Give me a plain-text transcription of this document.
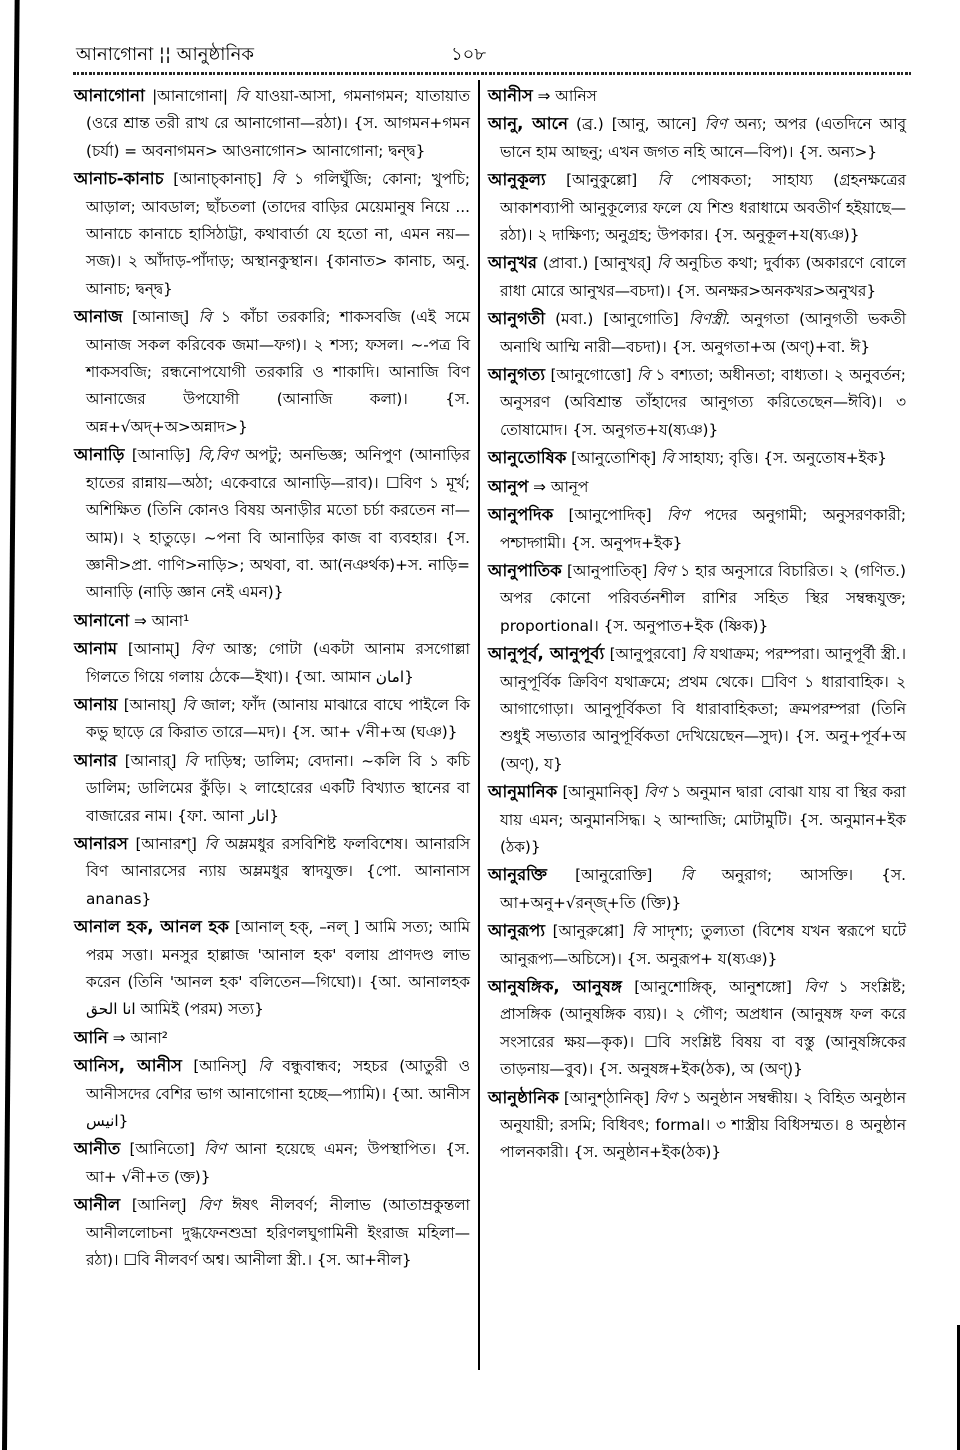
আনাগোনা ¦¦ আনুষ্ঠানিক	১০৮

আনাগোনা |আনাগোনা| বি যাওয়া-আসা, গমনাগমন; যাতায়াত (ওরে শ্রান্ত তরী রাখ রে আনাগোনা—রঠা)। {স. আগমন+গমন (চর্যা) = অবনাগমন> আওনাগোন> আনাগোনা; দ্বন্দ্ব}

আনাচ-কানাচ [আনাচ্কানাচ্] বি ১ গলিঘুঁজি; কোনা; খুপচি; আড়াল; আবডাল; ছাঁচতলা (তাদের বাড়ির মেয়েমানুষ নিয়ে ... আনাচে কানাচে হাসিঠাট্টা, কথাবার্তা যে হতো না, এমন নয়—সজ)। ২ আঁদাড়-পাঁদাড়; অস্থানকুস্থান। {কানাত> কানাচ, অনু. আনাচ; দ্বন্দ্ব}

আনাজ [আনাজ্] বি ১ কাঁচা তরকারি; শাকসবজি (এই সমে আনাজ সকল করিবেক জমা—ফগ)। ২ শস্য; ফসল। ~-পত্র বি শাকসবজি; রন্ধনোপযোগী তরকারি ও শাকাদি। আনাজি বিণ আনাজের উপযোগী (আনাজি কলা)। {স. অন্ন+√অদ্+অ>অন্নাদ>}

আনাড়ি [আনাড়ি] বি,বিণ অপটু; অনভিজ্ঞ; অনিপুণ (আনাড়ির হাতের রান্নায়—অঠা; একেবারে আনাড়ি—রাব)। ☐বিণ ১ মূর্খ; অশিক্ষিত (তিনি কোনও বিষয় অনাড়ীর মতো চর্চা করতেন না—আম)। ২ হাতুড়ে। ~পনা বি আনাড়ির কাজ বা ব্যবহার। {স. জ্ঞানী>প্রা. ণাণি>নাড়ি>; অথবা, বা. আ(নঞর্থক)+স. নাড়ি= আনাড়ি (নাড়ি জ্ঞান নেই এমন)}

আনানো ⇒ আনা¹

আনাম [আনাম্] বিণ আস্ত; গোটা (একটা আনাম রসগোল্লা গিলতে গিয়ে গলায় ঠেকে—ইখা)। {আ. আমান امان}

আনায় [আনায়্] বি জাল; ফাঁদ (আনায় মাঝারে বাঘে পাইলে কি কভু ছাড়ে রে কিরাত তারে—মদ)। {স. আ+ √নী+অ (ঘঞ)}

আনার [আনার্] বি দাড়িম্ব; ডালিম; বেদানা। ~কলি বি ১ কচি ডালিম; ডালিমের কুঁড়ি। ২ লাহোরের একটি বিখ্যাত স্থানের বা বাজারের নাম। {ফা. আনা انار}

আনারস [আনারশ্] বি অম্লমধুর রসবিশিষ্ট ফলবিশেষ। আনারসি বিণ আনারসের ন্যায় অম্লমধুর স্বাদযুক্ত। {পো. আনানাস ananas}

আনাল হক, আনল হক [আনাল্ হক্, –নল্ ] আমি সত্য; আমি পরম সত্তা। মনসুর হাল্লাজ 'আনাল হক' বলায় প্রাণদণ্ড লাভ করেন (তিনি 'আনল হক' বলিতেন—গিঘো)। {আ. আনালহক انا الحق আমিই (পরম) সত্য}

আনি ⇒ আনা²

আনিস, আনীস [আনিস্] বি বন্ধুবান্ধব; সহচর (আতুরী ও আনীসদের বেশির ভাগ আনাগোনা হচ্ছে—প্যামি)। {আ. আনীস انيس}

আনীত [আনিতো] বিণ আনা হয়েছে এমন; উপস্থাপিত। {স. আ+ √নী+ত (ক্ত)}

আনীল [আনিল্] বিণ ঈষৎ নীলবর্ণ; নীলাভ (আতাম্রকুন্তলা আনীললোচনা দুগ্ধফেনশুভ্রা হরিণলঘুগামিনী ইংরাজ মহিলা—রঠা)। ☐বি নীলবর্ণ অশ্ব। আনীলা স্ত্রী.। {স. আ+নীল}

আনীস ⇒ আনিস

আনু, আনে (ব্র.) [আনু, আনে] বিণ অন্য; অপর (এতদিনে আবু ভানে হাম আছনু; এখন জগত নহি আনে—বিপ)। {স. অন্য>}

আনুকূল্য [আনুকুল্লো] বি পোষকতা; সাহায্য (গ্রহনক্ষত্রের আকাশব্যাপী আনুকূল্যের ফলে যে শিশু ধরাধামে অবতীর্ণ হইয়াছে—রঠা)। ২ দাক্ষিণ্য; অনুগ্রহ; উপকার। {স. অনুকূল+য(ষ্যঞ)}

আনুখর (প্রাবা.) [আনুখর্] বি অনুচিত কথা; দুর্বাক্য (অকারণে বোলে রাধা মোরে আনুখর—বচদা)। {স. অনক্ষর>অনকখর>অনুখর}

আনুগতী (মবা.) [আনুগোতি] বিণস্ত্রী. অনুগতা (আনুগতী ভকতী অনাথি আম্মি নারী—বচদা)। {স. অনুগতা+অ (অণ্)+বা. ঈ}

আনুগত্য [আনুগোত্তো] বি ১ বশ্যতা; অধীনতা; বাধ্যতা। ২ অনুবর্তন; অনুসরণ (অবিশ্রান্ত তাঁহাদের আনুগত্য করিতেছেন—ঈবি)। ৩ তোষামোদ। {স. অনুগত+য(ষ্যঞ)}

আনুতোষিক [আনুতোশিক্] বি সাহায্য; বৃত্তি। {স. অনুতোষ+ইক}

আনুপ ⇒ আনূপ

আনুপদিক [আনুপোদিক্] বিণ পদের অনুগামী; অনুসরণকারী; পশ্চাদ্গামী। {স. অনুপদ+ইক}

আনুপাতিক [আনুপাতিক্] বিণ ১ হার অনুসারে বিচারিত। ২ (গণিত.) অপর কোনো পরিবর্তনশীল রাশির সহিত স্থির সম্বন্ধযুক্ত; proportional। {স. অনুপাত+ইক (ষ্ণিক)}

আনুপূর্ব, আনুপূর্ব্য [আনুপুরবো] বি যথাক্রম; পরম্পরা। আনুপূর্বী স্ত্রী.। আনুপূর্বিক ক্রিবিণ যথাক্রমে; প্রথম থেকে। ☐বিণ ১ ধারাবাহিক। ২ আগাগোড়া। আনুপূর্বিকতা বি ধারাবাহিকতা; ক্রমপরম্পরা (তিনি শুধুই সভ্যতার আনুপূর্বিকতা দেখিয়েছেন—সুদ)। {স. অনু+পূর্ব+অ (অণ্), য}

আনুমানিক [আনুমানিক্] বিণ ১ অনুমান দ্বারা বোঝা যায় বা স্থির করা যায় এমন; অনুমানসিদ্ধ। ২ আন্দাজি; মোটামুটি। {স. অনুমান+ইক (ঠক)}

আনুরক্তি [আনুরোক্তি] বি অনুরাগ; আসক্তি। {স. আ+অনু+√রন্জ্+তি (ক্তি)}

আনুরূপ্য [আনুরুপ্পো] বি সাদৃশ্য; তুল্যতা (বিশেষ যখন স্বরূপে ঘটে আনুরূপ্য—অচিসে)। {স. অনুরূপ+ য(ষ্যঞ)}

আনুষঙ্গিক, আনুষঙ্গ [আনুশোঙ্গিক্, আনুশঙ্গো] বিণ ১ সংশ্লিষ্ট; প্রাসঙ্গিক (আনুষঙ্গিক ব্যয়)। ২ গৌণ; অপ্রধান (আনুষঙ্গ ফল করে সংসারের ক্ষয়—কৃক)। ☐বি সংশ্লিষ্ট বিষয় বা বস্তু (আনুষঙ্গিকের তাড়নায়—বুব)। {স. অনুষঙ্গ+ইক(ঠক), অ (অণ্)}

আনুষ্ঠানিক [আনুশ্ঠানিক্] বিণ ১ অনুষ্ঠান সম্বন্ধীয়। ২ বিহিত অনুষ্ঠান অনুযায়ী; রসমি; বিধিবৎ; formal। ৩ শাস্ত্রীয় বিধিসম্মত। ৪ অনুষ্ঠান পালনকারী। {স. অনুষ্ঠান+ইক(ঠক)}
